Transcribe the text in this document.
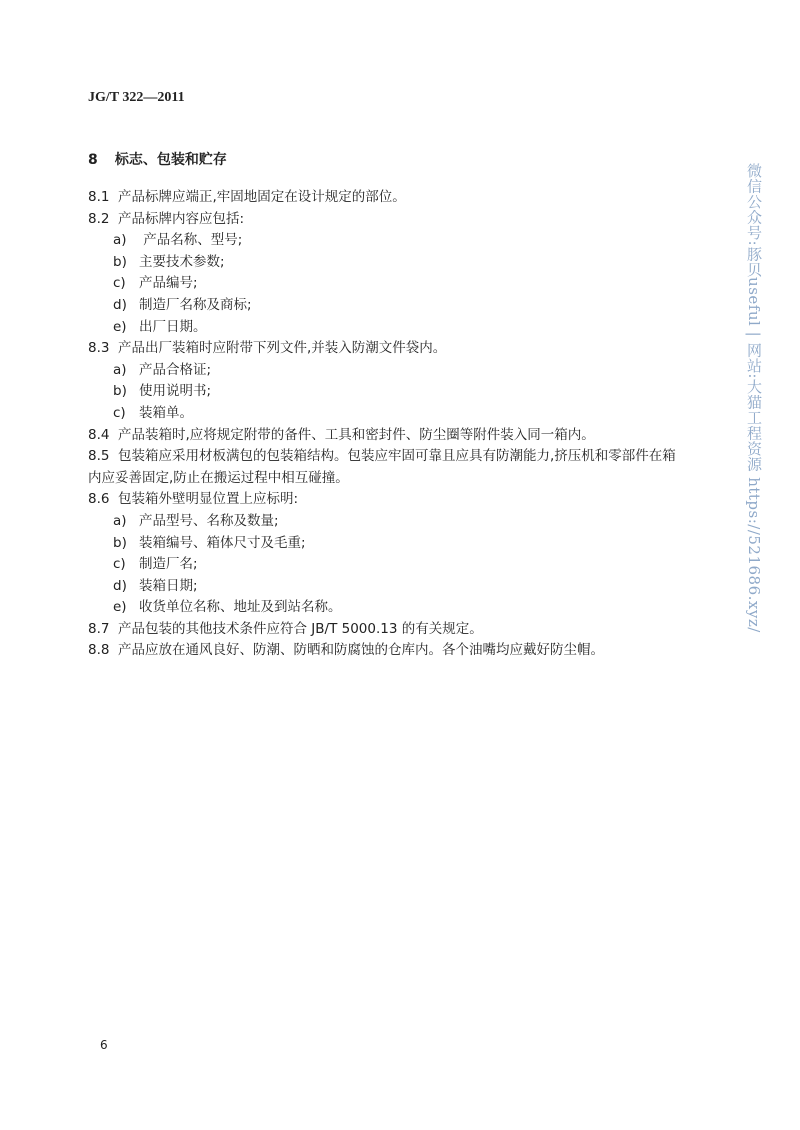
JG/T 322—2011
8 标志、包装和贮存
8.1 产品标牌应端正,牢固地固定在设计规定的部位。
8.2 产品标牌内容应包括:
a) 产品名称、型号;
b) 主要技术参数;
c) 产品编号;
d) 制造厂名称及商标;
e) 出厂日期。
8.3 产品出厂装箱时应附带下列文件,并装入防潮文件袋内。
a) 产品合格证;
b) 使用说明书;
c) 装箱单。
8.4 产品装箱时,应将规定附带的备件、工具和密封件、防尘圈等附件装入同一箱内。
8.5 包装箱应采用材板满包的包装箱结构。包装应牢固可靠且应具有防潮能力,挤压机和零部件在箱
内应妥善固定,防止在搬运过程中相互碰撞。
8.6 包装箱外壁明显位置上应标明:
a) 产品型号、名称及数量;
b) 装箱编号、箱体尺寸及毛重;
c) 制造厂名;
d) 装箱日期;
e) 收货单位名称、地址及到站名称。
8.7 产品包装的其他技术条件应符合 JB/T 5000.13 的有关规定。
8.8 产品应放在通风良好、防潮、防晒和防腐蚀的仓库内。各个油嘴均应戴好防尘帽。
微信公众号:豚贝useful | 网站:大猫工程资源 https://521686.xyz/
6
